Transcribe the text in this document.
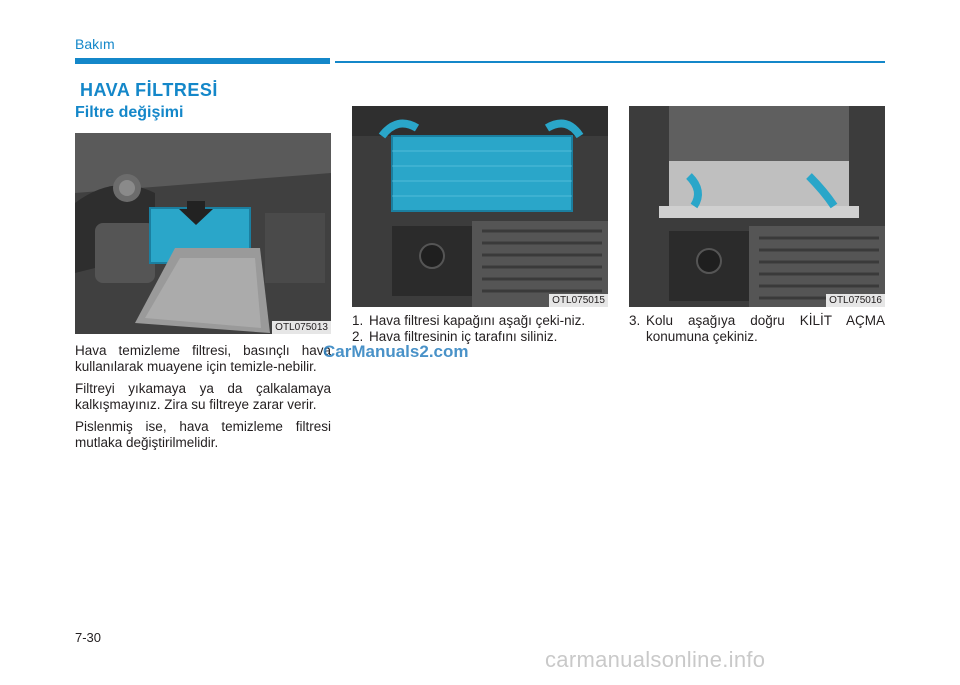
Bakım
HAVA FİLTRESİ
Filtre değişimi
OTL075013
OTL075015	OTL075016

Hava temizleme filtresi, basınçlı hava kullanılarak muayene için temizle-nebilir.

Filtreyi yıkamaya ya da çalkalamaya kalkışmayınız. Zira su filtreye zarar verir.

Pislenmiş ise, hava temizleme filtresi mutlaka değiştirilmelidir.

1. Hava filtresi kapağını aşağı çeki-niz.
2. Hava filtresinin iç tarafını siliniz.
3. Kolu aşağıya doğru KİLİT AÇMA konumuna çekiniz.
CarManuals2.com
7-30
carmanualsonline.info
